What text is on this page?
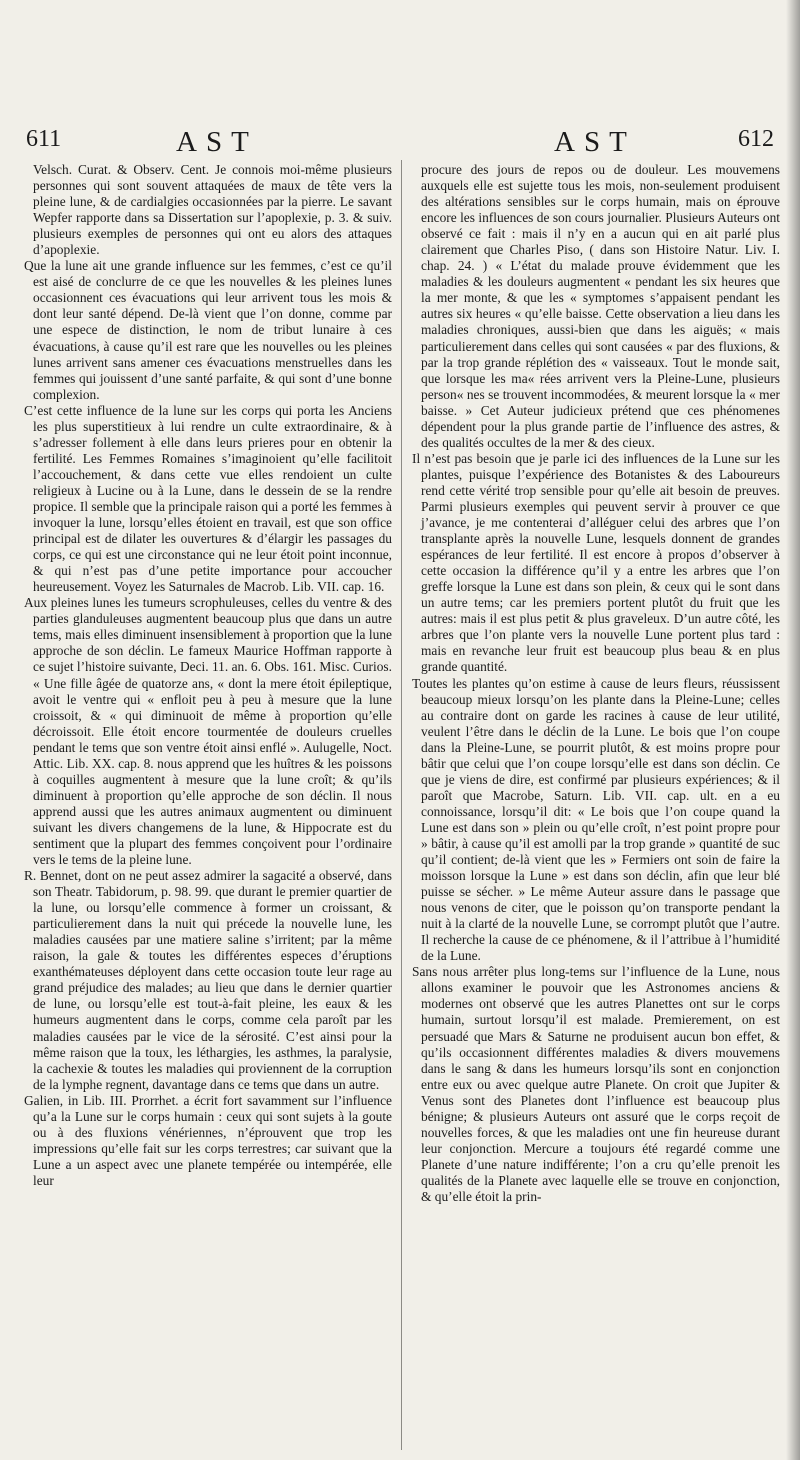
611	AST	AST	612

Velsch. Curat. & Observ. Cent. Je connois moi-même plusieurs personnes qui sont souvent attaquées de maux de tête vers la pleine lune, & de cardialgies occasionnées par la pierre. Le savant Wepfer rapporte dans sa Dissertation sur l’apoplexie, p. 3. & suiv. plusieurs exemples de personnes qui ont eu alors des attaques d’apoplexie.

Que la lune ait une grande influence sur les femmes, c’est ce qu’il est aisé de conclurre de ce que les nouvelles & les pleines lunes occasionnent ces évacuations qui leur arrivent tous les mois & dont leur santé dépend. De-là vient que l’on donne, comme par une espece de distinction, le nom de tribut lunaire à ces évacuations, à cause qu’il est rare que les nouvelles ou les pleines lunes arrivent sans amener ces évacuations menstruelles dans les femmes qui jouissent d’une santé parfaite, & qui sont d’une bonne complexion.

C’est cette influence de la lune sur les corps qui porta les Anciens les plus superstitieux à lui rendre un culte extraordinaire, & à s’adresser follement à elle dans leurs prieres pour en obtenir la fertilité. Les Femmes Romaines s’imaginoient qu’elle facilitoit l’accouchement, & dans cette vue elles rendoient un culte religieux à Lucine ou à la Lune, dans le dessein de se la rendre propice. Il semble que la principale raison qui a porté les femmes à invoquer la lune, lorsqu’elles étoient en travail, est que son office principal est de dilater les ouvertures & d’élargir les passages du corps, ce qui est une circonstance qui ne leur étoit point inconnue, & qui n’est pas d’une petite importance pour accoucher heureusement. Voyez les Saturnales de Macrob. Lib. VII. cap. 16.

Aux pleines lunes les tumeurs scrophuleuses, celles du ventre & des parties glanduleuses augmentent beaucoup plus que dans un autre tems, mais elles diminuent insensiblement à proportion que la lune approche de son déclin. Le fameux Maurice Hoffman rapporte à ce sujet l’histoire suivante, Deci. 11. an. 6. Obs. 161. Misc. Curios. « Une fille âgée de quatorze ans, « dont la mere étoit épileptique, avoit le ventre qui « enfloit peu à peu à mesure que la lune croissoit, & « qui diminuoit de même à proportion qu’elle décroissoit. Elle étoit encore tourmentée de douleurs cruelles pendant le tems que son ventre étoit ainsi enflé ». Aulugelle, Noct. Attic. Lib. XX. cap. 8. nous apprend que les huîtres & les poissons à coquilles augmentent à mesure que la lune croît; & qu’ils diminuent à proportion qu’elle approche de son déclin. Il nous apprend aussi que les autres animaux augmentent ou diminuent suivant les divers changemens de la lune, & Hippocrate est du sentiment que la plupart des femmes conçoivent pour l’ordinaire vers le tems de la pleine lune.

R. Bennet, dont on ne peut assez admirer la sagacité a observé, dans son Theatr. Tabidorum, p. 98. 99. que durant le premier quartier de la lune, ou lorsqu’elle commence à former un croissant, & particulierement dans la nuit qui précede la nouvelle lune, les maladies causées par une matiere saline s’irritent; par la même raison, la gale & toutes les différentes especes d’éruptions exanthémateuses déployent dans cette occasion toute leur rage au grand préjudice des malades; au lieu que dans le dernier quartier de lune, ou lorsqu’elle est tout-à-fait pleine, les eaux & les humeurs augmentent dans le corps, comme cela paroît par les maladies causées par le vice de la sérosité. C’est ainsi pour la même raison que la toux, les léthargies, les asthmes, la paralysie, la cachexie & toutes les maladies qui proviennent de la corruption de la lymphe regnent, davantage dans ce tems que dans un autre.

Galien, in Lib. III. Prorrhet. a écrit fort savamment sur l’influence qu’a la Lune sur le corps humain : ceux qui sont sujets à la goute ou à des fluxions vénériennes, n’éprouvent que trop les impressions qu’elle fait sur les corps terrestres; car suivant que la Lune a un aspect avec une planete tempérée ou intempérée, elle leur

procure des jours de repos ou de douleur. Les mouvemens auxquels elle est sujette tous les mois, non-seulement produisent des altérations sensibles sur le corps humain, mais on éprouve encore les influences de son cours journalier. Plusieurs Auteurs ont observé ce fait : mais il n’y en a aucun qui en ait parlé plus clairement que Charles Piso, ( dans son Histoire Natur. Liv. I. chap. 24. ) « L’état du malade prouve évidemment que les maladies & les douleurs augmentent « pendant les six heures que la mer monte, & que les « symptomes s’appaisent pendant les autres six heures « qu’elle baisse. Cette observation a lieu dans les maladies chroniques, aussi-bien que dans les aiguës; « mais particulierement dans celles qui sont causées « par des fluxions, & par la trop grande réplétion des « vaisseaux. Tout le monde sait, que lorsque les ma« rées arrivent vers la Pleine-Lune, plusieurs person« nes se trouvent incommodées, & meurent lorsque la « mer baisse. » Cet Auteur judicieux prétend que ces phénomenes dépendent pour la plus grande partie de l’influence des astres, & des qualités occultes de la mer & des cieux.

Il n’est pas besoin que je parle ici des influences de la Lune sur les plantes, puisque l’expérience des Botanistes & des Laboureurs rend cette vérité trop sensible pour qu’elle ait besoin de preuves. Parmi plusieurs exemples qui peuvent servir à prouver ce que j’avance, je me contenterai d’alléguer celui des arbres que l’on transplante après la nouvelle Lune, lesquels donnent de grandes espérances de leur fertilité. Il est encore à propos d’observer à cette occasion la différence qu’il y a entre les arbres que l’on greffe lorsque la Lune est dans son plein, & ceux qui le sont dans un autre tems; car les premiers portent plutôt du fruit que les autres: mais il est plus petit & plus graveleux. D’un autre côté, les arbres que l’on plante vers la nouvelle Lune portent plus tard : mais en revanche leur fruit est beaucoup plus beau & en plus grande quantité.

Toutes les plantes qu’on estime à cause de leurs fleurs, réussissent beaucoup mieux lorsqu’on les plante dans la Pleine-Lune; celles au contraire dont on garde les racines à cause de leur utilité, veulent l’être dans le déclin de la Lune. Le bois que l’on coupe dans la Pleine-Lune, se pourrit plutôt, & est moins propre pour bâtir que celui que l’on coupe lorsqu’elle est dans son déclin. Ce que je viens de dire, est confirmé par plusieurs expériences; & il paroît que Macrobe, Saturn. Lib. VII. cap. ult. en a eu connoissance, lorsqu’il dit: « Le bois que l’on coupe quand la Lune est dans son » plein ou qu’elle croît, n’est point propre pour » bâtir, à cause qu’il est amolli par la trop grande » quantité de suc qu’il contient; de-là vient que les » Fermiers ont soin de faire la moisson lorsque la Lune » est dans son déclin, afin que leur blé puisse se sécher. » Le même Auteur assure dans le passage que nous venons de citer, que le poisson qu’on transporte pendant la nuit à la clarté de la nouvelle Lune, se corrompt plutôt que l’autre. Il recherche la cause de ce phénomene, & il l’attribue à l’humidité de la Lune.

Sans nous arrêter plus long-tems sur l’influence de la Lune, nous allons examiner le pouvoir que les Astronomes anciens & modernes ont observé que les autres Planettes ont sur le corps humain, surtout lorsqu’il est malade. Premierement, on est persuadé que Mars & Saturne ne produisent aucun bon effet, & qu’ils occasionnent différentes maladies & divers mouvemens dans le sang & dans les humeurs lorsqu’ils sont en conjonction entre eux ou avec quelque autre Planete. On croit que Jupiter & Venus sont des Planetes dont l’influence est beaucoup plus bénigne; & plusieurs Auteurs ont assuré que le corps reçoit de nouvelles forces, & que les maladies ont une fin heureuse durant leur conjonction. Mercure a toujours été regardé comme une Planete d’une nature indifférente; l’on a cru qu’elle prenoit les qualités de la Planete avec laquelle elle se trouve en conjonction, & qu’elle étoit la prin-
